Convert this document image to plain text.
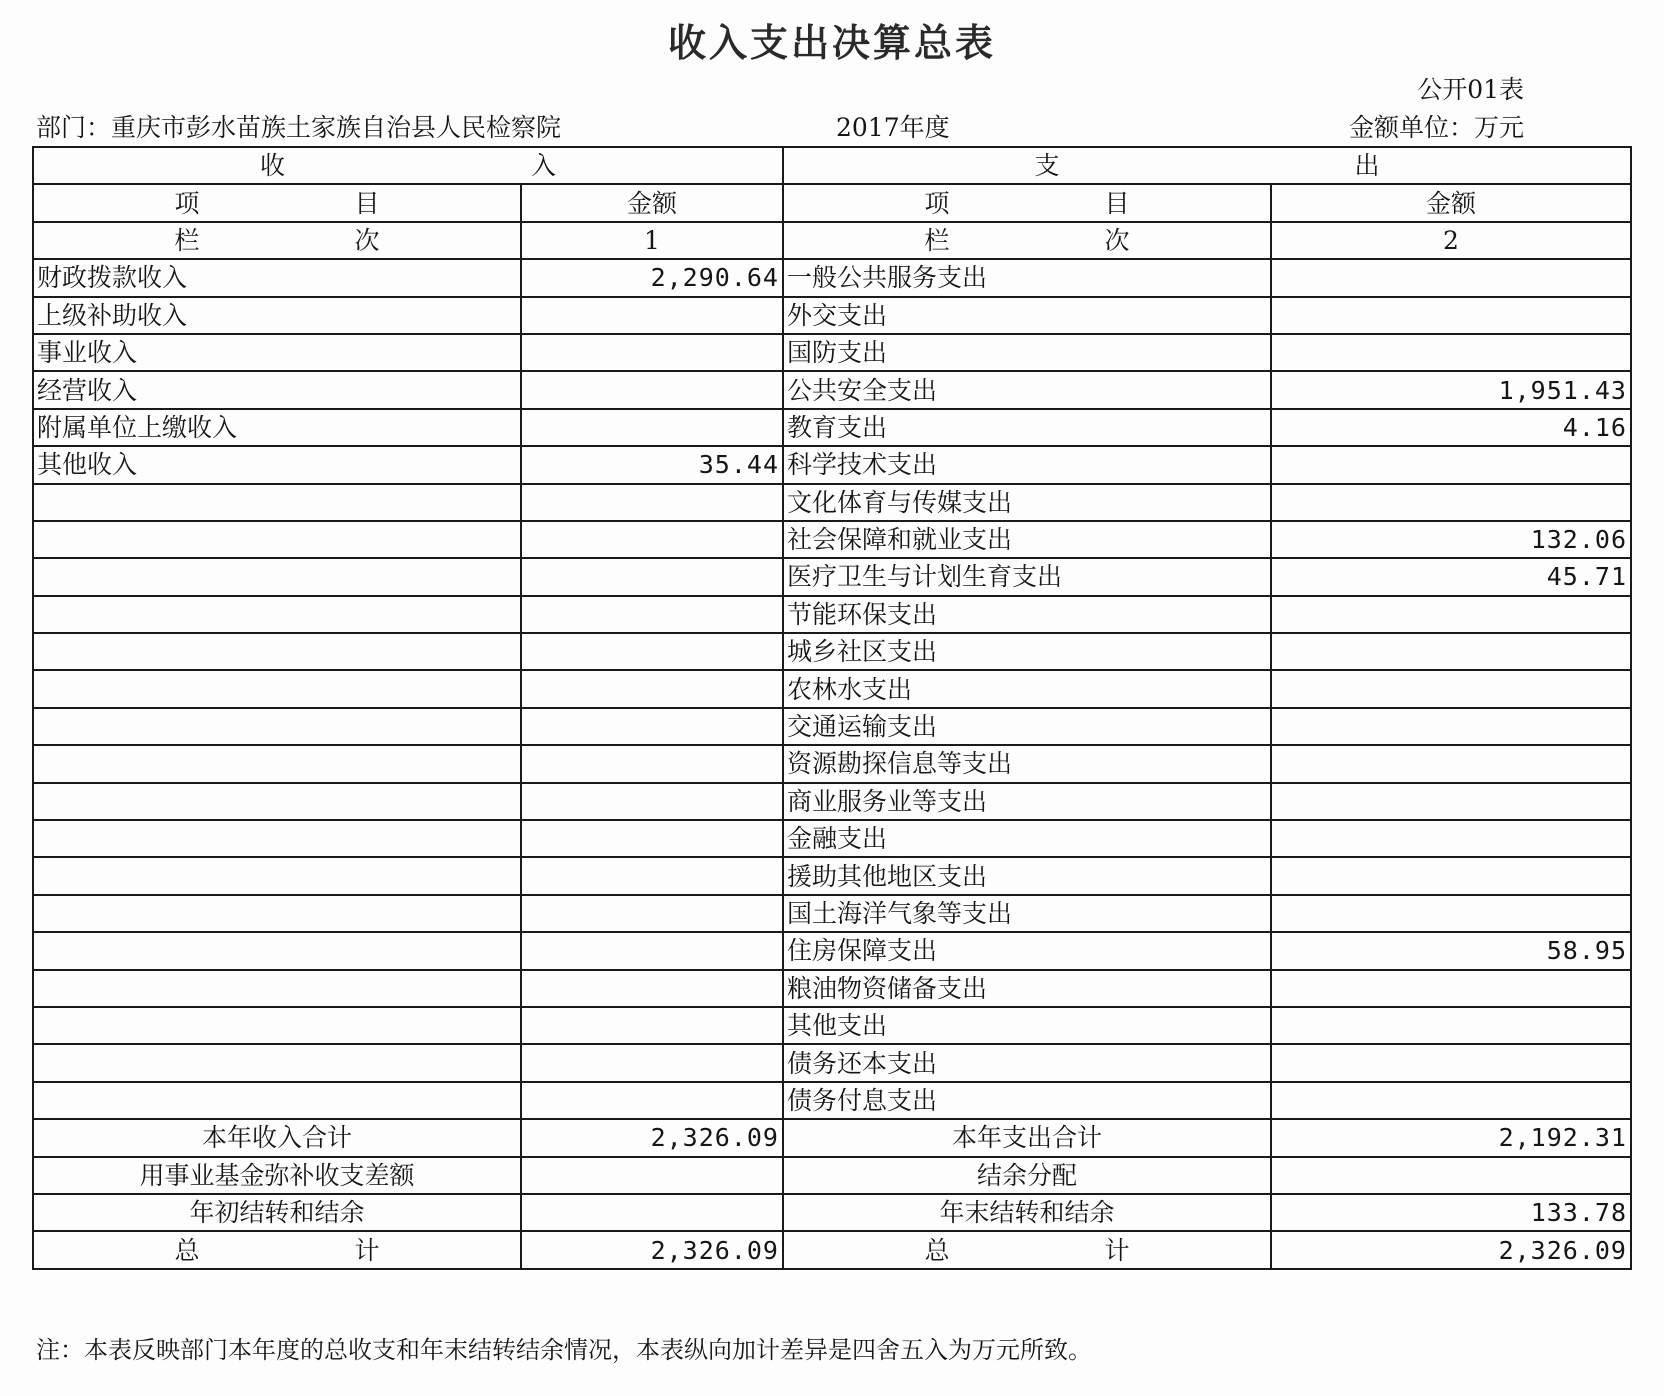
收入支出决算总表
公开01表
部门：重庆市彭水苗族土家族自治县人民检察院	2017年度	金额单位：万元
收 入		支 出	

项 目	金额	项 目	金额

栏 次	1	栏 次	2
财政拨款收入	2,290.64	一般公共服务支出	
上级补助收入		外交支出	
事业收入		国防支出	
经营收入		公共安全支出	1,951.43
附属单位上缴收入		教育支出	4.16
其他收入	35.44	科学技术支出	
		文化体育与传媒支出	
		社会保障和就业支出	132.06
		医疗卫生与计划生育支出	45.71
		节能环保支出	
		城乡社区支出	
		农林水支出	
		交通运输支出	
		资源勘探信息等支出	
		商业服务业等支出	
		金融支出	
		援助其他地区支出	
		国土海洋气象等支出	
		住房保障支出	58.95
		粮油物资储备支出	
		其他支出	
		债务还本支出	
		债务付息支出	
本年收入合计	2,326.09	本年支出合计	2,192.31
用事业基金弥补收支差额		结余分配	
年初结转和结余		年末结转和结余	133.78

总 计	2,326.09	总 计	2,326.09
注：本表反映部门本年度的总收支和年末结转结余情况，本表纵向加计差异是四舍五入为万元所致。
